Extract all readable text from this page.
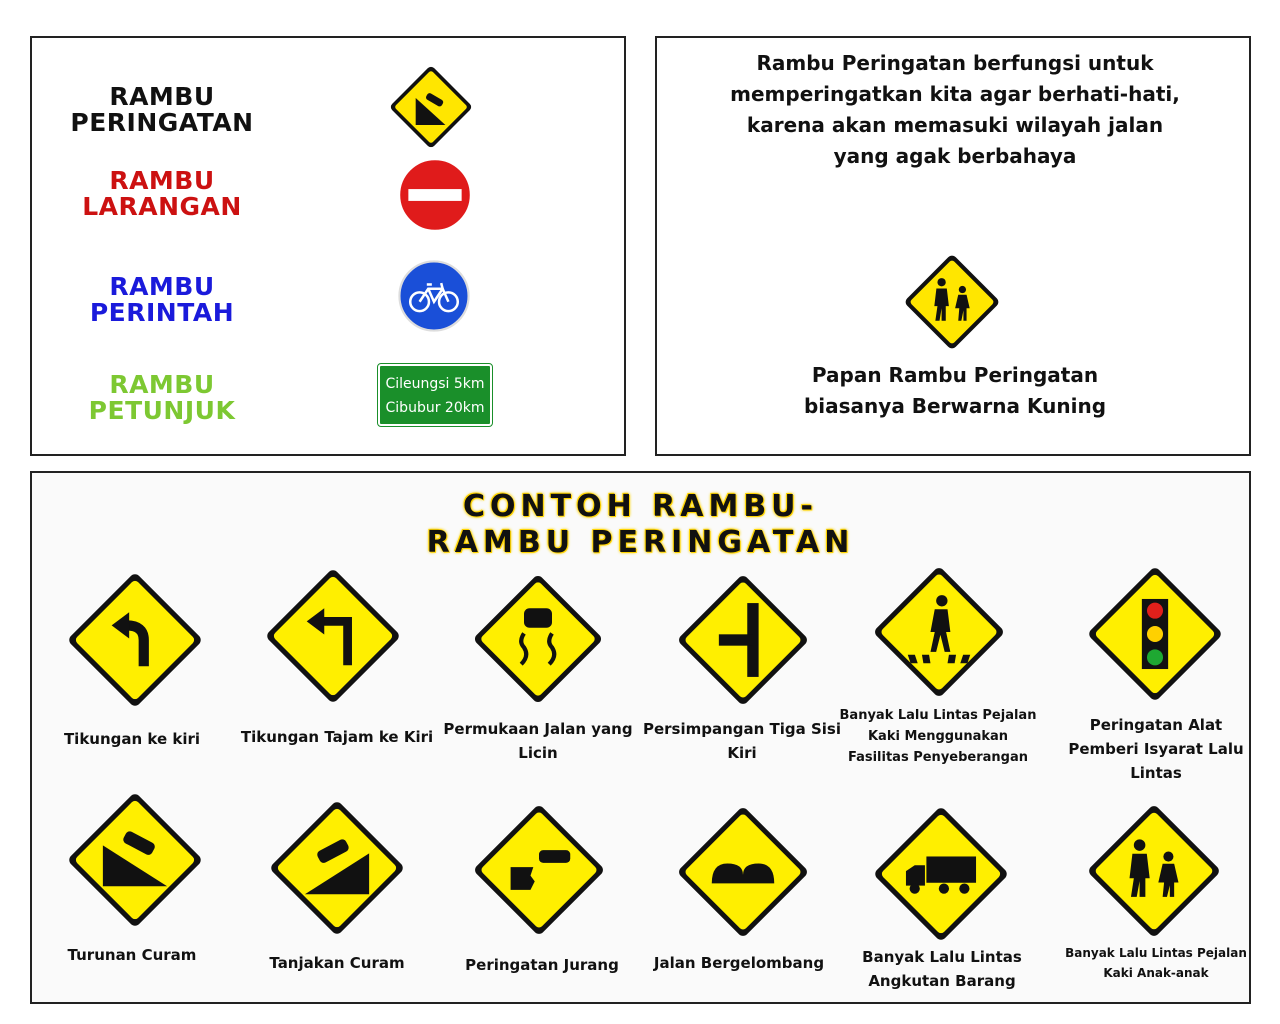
RAMBU
PERINGATAN
RAMBU
LARANGAN
RAMBU
PERINTAH
RAMBU
PETUNJUK
Cileungsi 5km
Cibubur 20km
Rambu Peringatan berfungsi untuk memperingatkan kita agar berhati-hati, karena akan memasuki wilayah jalan yang agak berbahaya
Papan Rambu Peringatan
biasanya Berwarna Kuning
CONTOH RAMBU-
RAMBU PERINGATAN
Tikungan ke kiri	Tikungan Tajam ke Kiri Permukaan Jalan yang Licin
Persimpangan Tiga Sisi Kiri
Banyak Lalu Lintas Pejalan Kaki Menggunakan Fasilitas Penyeberangan
Peringatan Alat Pemberi Isyarat Lalu Lintas
Turunan Curam	Tanjakan Curam	Peringatan Jurang	Jalan Bergelombang	Banyak Lalu Lintas Angkutan Barang
Banyak Lalu Lintas Pejalan Kaki Anak-anak
